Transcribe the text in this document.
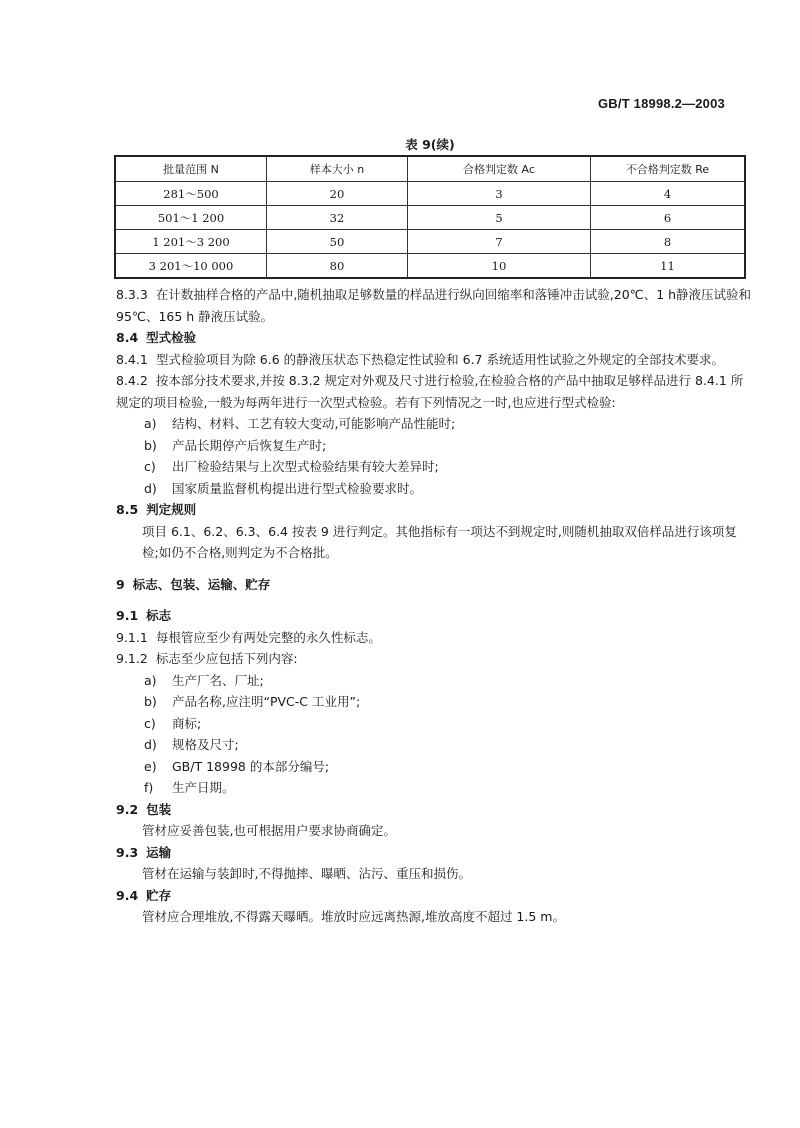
GB/T 18998.2—2003
表 9(续)
批量范围 N	样本大小 n	合格判定数 Ac	不合格判定数 Re
281～500	20	3	4
501～1 200	32	5	6
1 201～3 200	50	7	8
3 201～10 000	80	10	11

8.3.3 在计数抽样合格的产品中,随机抽取足够数量的样品进行纵向回缩率和落锤冲击试验,20℃、1 h静液压试验和 95℃、165 h 静液压试验。

8.4 型式检验

8.4.1 型式检验项目为除 6.6 的静液压状态下热稳定性试验和 6.7 系统适用性试验之外规定的全部技术要求。

8.4.2 按本部分技术要求,并按 8.3.2 规定对外观及尺寸进行检验,在检验合格的产品中抽取足够样品进行 8.4.1 所规定的项目检验,一般为每两年进行一次型式检验。若有下列情况之一时,也应进行型式检验:

a) 结构、材料、工艺有较大变动,可能影响产品性能时;
b) 产品长期停产后恢复生产时;
c) 出厂检验结果与上次型式检验结果有较大差异时;
d) 国家质量监督机构提出进行型式检验要求时。

8.5 判定规则

项目 6.1、6.2、6.3、6.4 按表 9 进行判定。其他指标有一项达不到规定时,则随机抽取双倍样品进行该项复检;如仍不合格,则判定为不合格批。

9 标志、包装、运输、贮存

9.1 标志

9.1.1 每根管应至少有两处完整的永久性标志。

9.1.2 标志至少应包括下列内容:

a) 生产厂名、厂址;
b) 产品名称,应注明“PVC-C 工业用”;
c) 商标;
d) 规格及尺寸;
e) GB/T 18998 的本部分编号;
f) 生产日期。

9.2 包装

管材应妥善包装,也可根据用户要求协商确定。

9.3 运输

管材在运输与装卸时,不得抛摔、曝晒、沾污、重压和损伤。

9.4 贮存

管材应合理堆放,不得露天曝晒。堆放时应远离热源,堆放高度不超过 1.5 m。
